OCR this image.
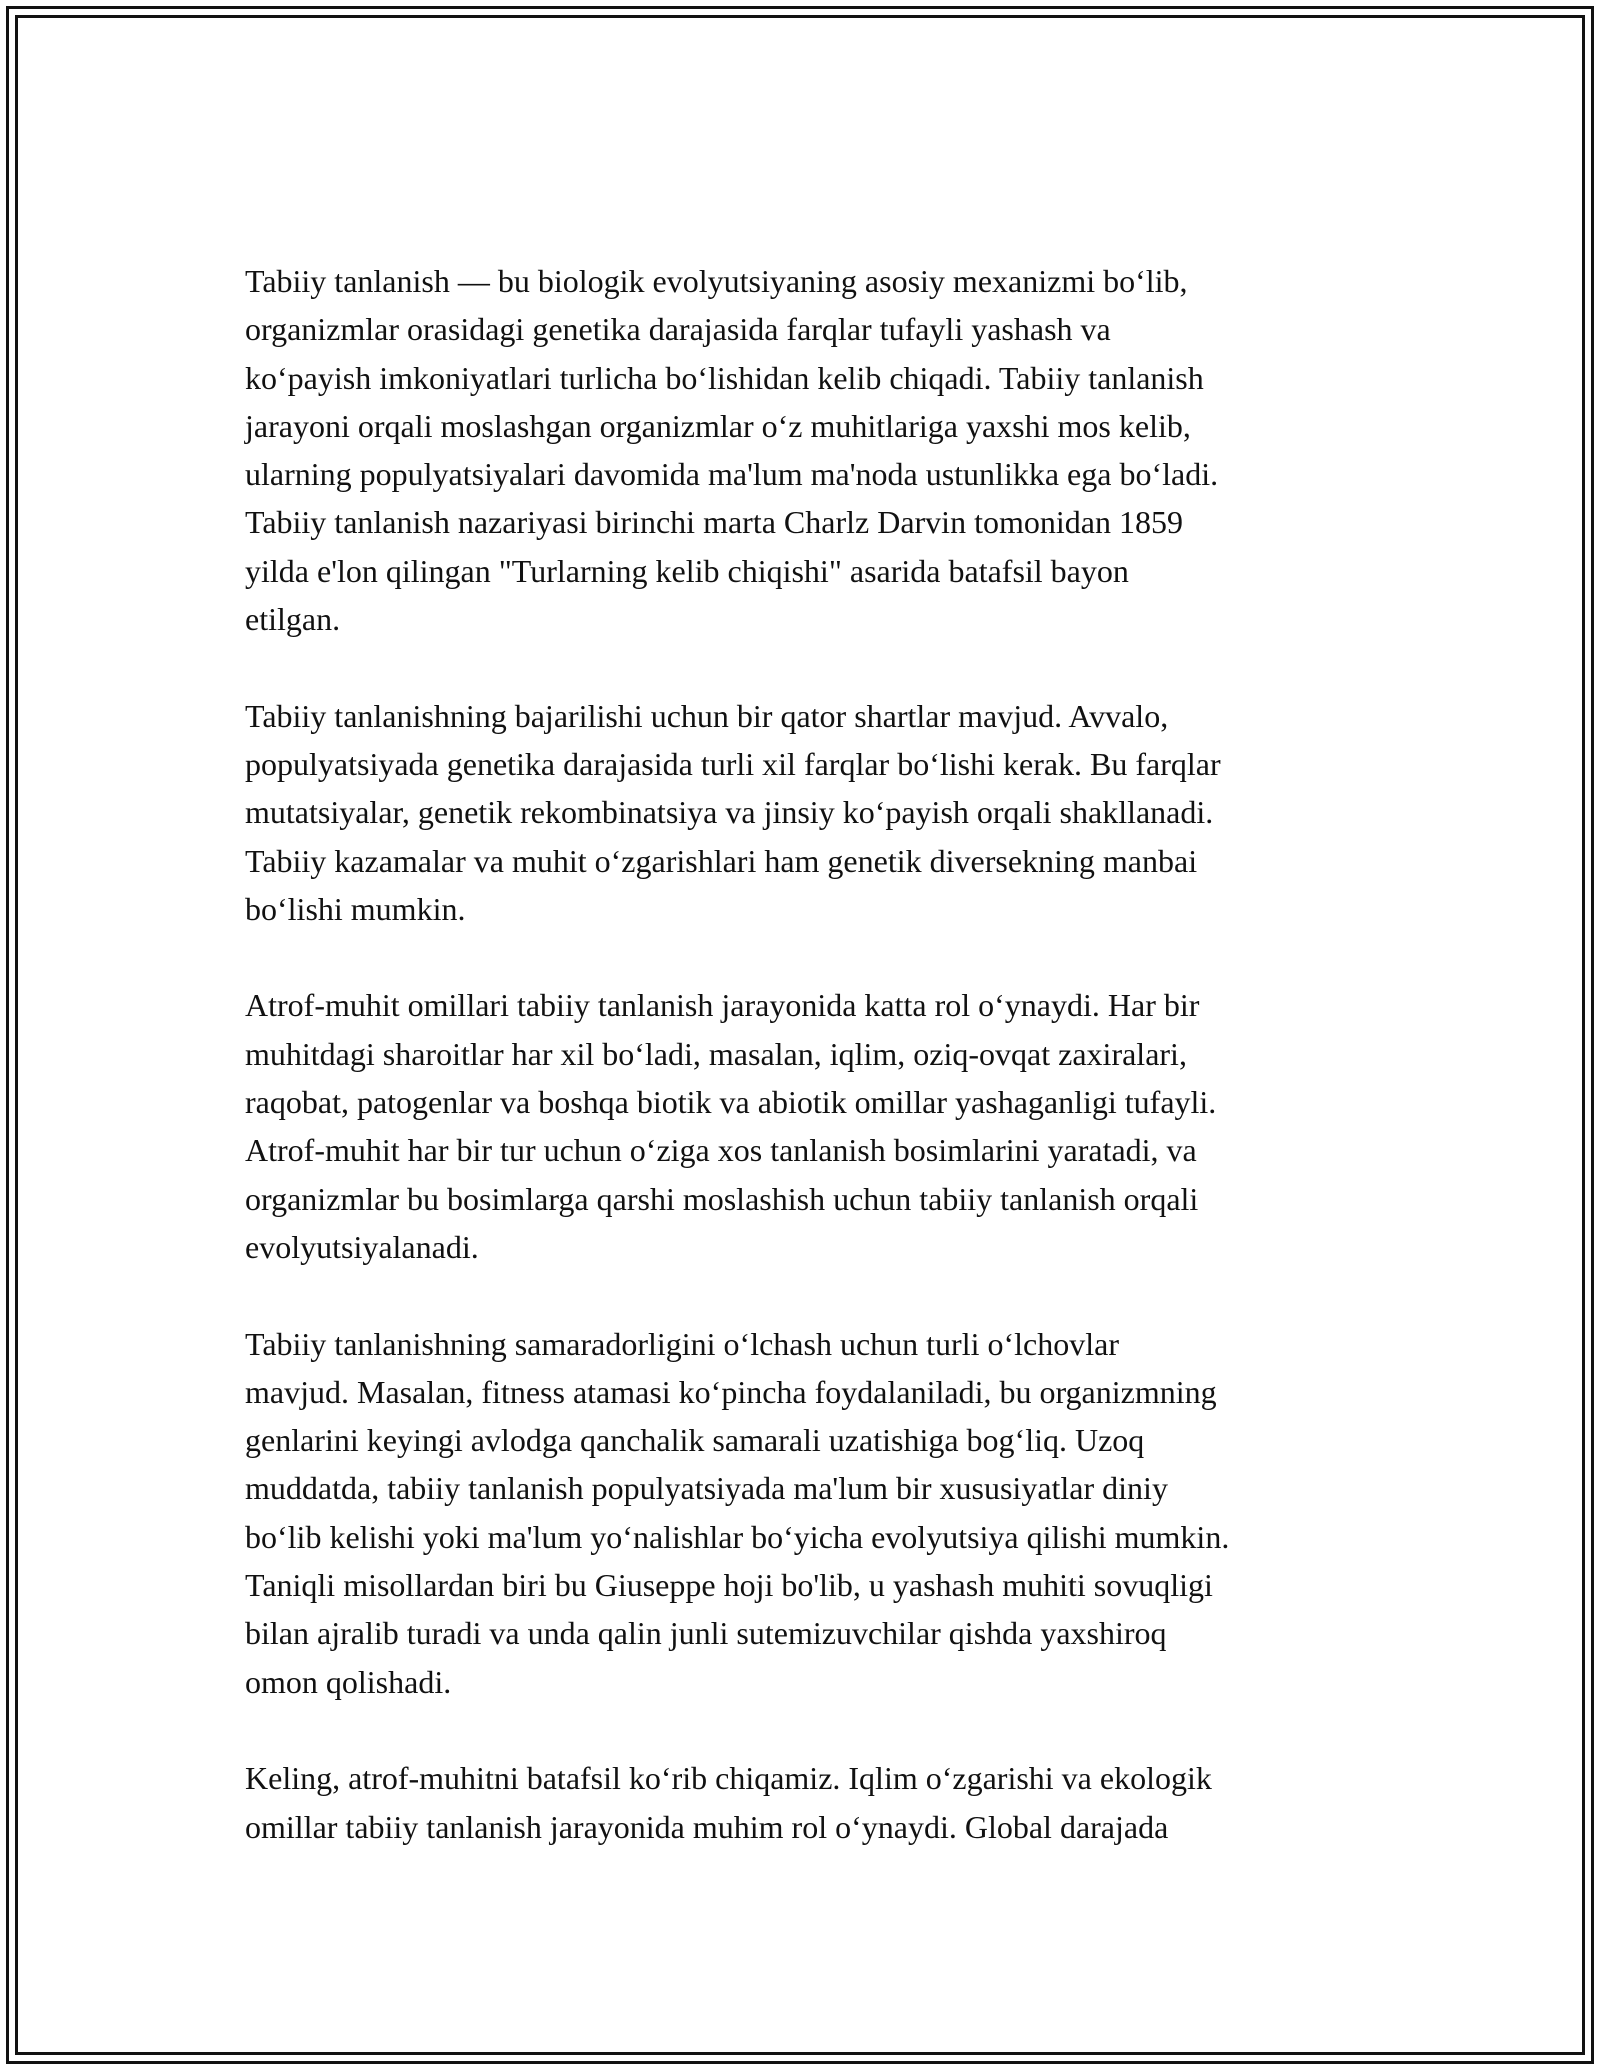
Tabiiy tanlanish — bu biologik evolyutsiyaning asosiy mexanizmi boʻlib,
organizmlar orasidagi genetika darajasida farqlar tufayli yashash va
koʻpayish imkoniyatlari turlicha boʻlishidan kelib chiqadi. Tabiiy tanlanish
jarayoni orqali moslashgan organizmlar oʻz muhitlariga yaxshi mos kelib,
ularning populyatsiyalari davomida ma'lum ma'noda ustunlikka ega boʻladi.
Tabiiy tanlanish nazariyasi birinchi marta Charlz Darvin tomonidan 1859
yilda e'lon qilingan "Turlarning kelib chiqishi" asarida batafsil bayon
etilgan.

Tabiiy tanlanishning bajarilishi uchun bir qator shartlar mavjud. Avvalo,
populyatsiyada genetika darajasida turli xil farqlar boʻlishi kerak. Bu farqlar
mutatsiyalar, genetik rekombinatsiya va jinsiy koʻpayish orqali shakllanadi.
Tabiiy kazamalar va muhit oʻzgarishlari ham genetik diversekning manbai
boʻlishi mumkin.

Atrof-muhit omillari tabiiy tanlanish jarayonida katta rol oʻynaydi. Har bir
muhitdagi sharoitlar har xil boʻladi, masalan, iqlim, oziq-ovqat zaxiralari,
raqobat, patogenlar va boshqa biotik va abiotik omillar yashaganligi tufayli.
Atrof-muhit har bir tur uchun oʻziga xos tanlanish bosimlarini yaratadi, va
organizmlar bu bosimlarga qarshi moslashish uchun tabiiy tanlanish orqali
evolyutsiyalanadi.

Tabiiy tanlanishning samaradorligini oʻlchash uchun turli oʻlchovlar
mavjud. Masalan, fitness atamasi koʻpincha foydalaniladi, bu organizmning
genlarini keyingi avlodga qanchalik samarali uzatishiga bogʻliq. Uzoq
muddatda, tabiiy tanlanish populyatsiyada ma'lum bir xususiyatlar diniy
boʻlib kelishi yoki ma'lum yoʻnalishlar boʻyicha evolyutsiya qilishi mumkin.
Taniqli misollardan biri bu Giuseppe hoji bo'lib, u yashash muhiti sovuqligi
bilan ajralib turadi va unda qalin junli sutemizuvchilar qishda yaxshiroq
omon qolishadi.

Keling, atrof-muhitni batafsil koʻrib chiqamiz. Iqlim oʻzgarishi va ekologik
omillar tabiiy tanlanish jarayonida muhim rol oʻynaydi. Global darajada
